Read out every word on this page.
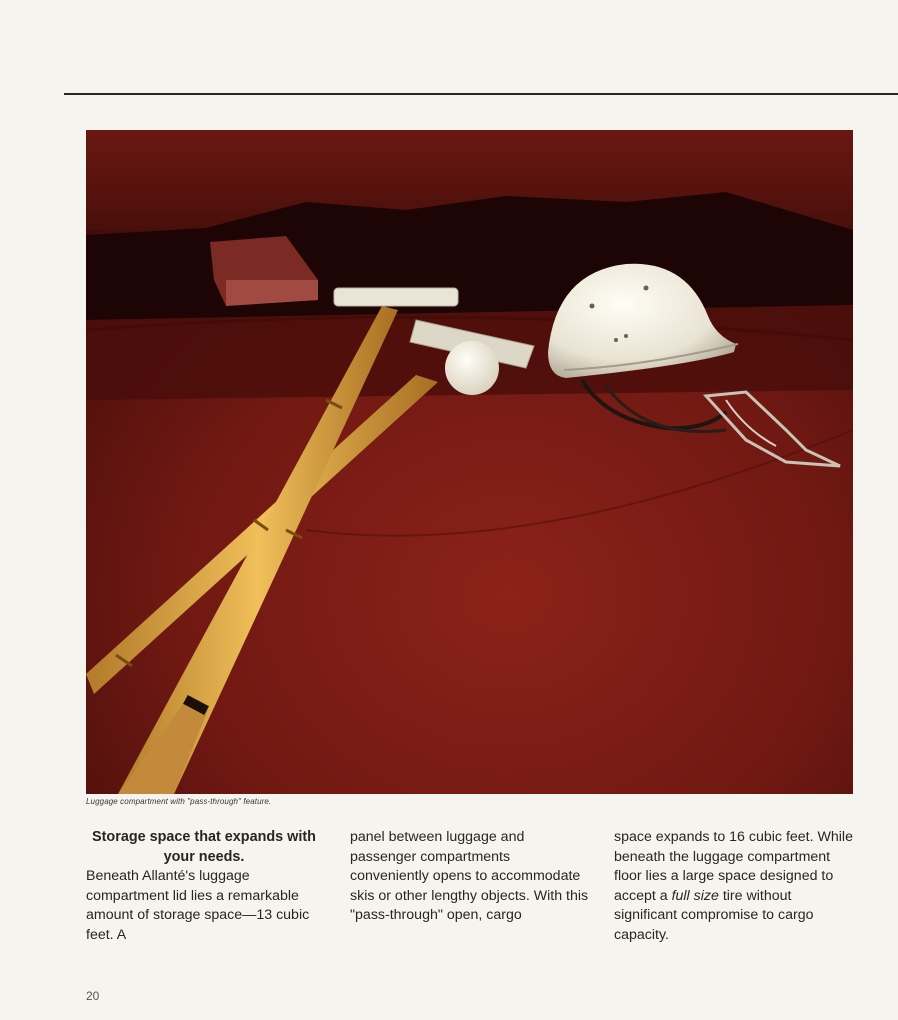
Luggage compartment with "pass-through" feature.

Storage space that expands with your needs.

Beneath Allanté's luggage compartment lid lies a remarkable amount of storage space—13 cubic feet. A

panel between luggage and passenger compartments conveniently opens to accommodate skis or other lengthy objects. With this "pass-through" open, cargo

space expands to 16 cubic feet. While beneath the luggage compartment floor lies a large space designed to accept a full size tire without significant compromise to cargo capacity.

20
